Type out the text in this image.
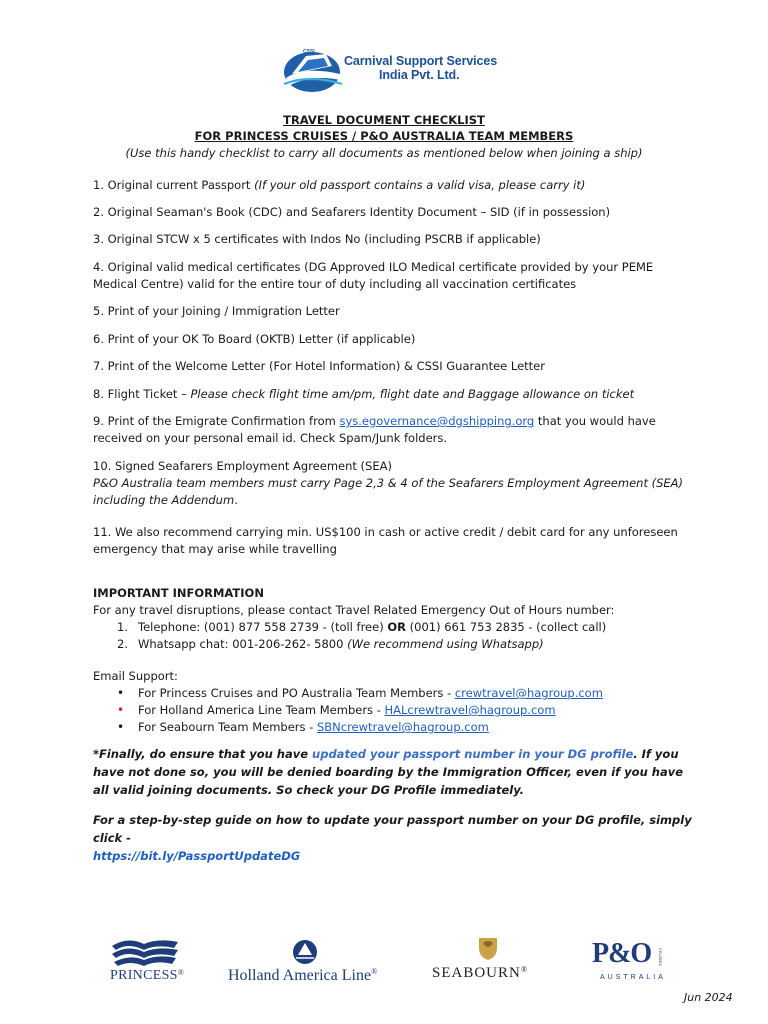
CSSI
Carnival Support Services
India Pvt. Ltd.
TRAVEL DOCUMENT CHECKLIST
FOR PRINCESS CRUISES / P&O AUSTRALIA TEAM MEMBERS
(Use this handy checklist to carry all documents as mentioned below when joining a ship)
1. Original current Passport (If your old passport contains a valid visa, please carry it)
2. Original Seaman's Book (CDC) and Seafarers Identity Document – SID (if in possession)
3. Original STCW x 5 certificates with Indos No (including PSCRB if applicable)
4. Original valid medical certificates (DG Approved ILO Medical certificate provided by your PEME Medical Centre) valid for the entire tour of duty including all vaccination certificates
5. Print of your Joining / Immigration Letter
6. Print of your OK To Board (OKTB) Letter (if applicable)
7. Print of the Welcome Letter (For Hotel Information) & CSSI Guarantee Letter
8. Flight Ticket – Please check flight time am/pm, flight date and Baggage allowance on ticket
9. Print of the Emigrate Confirmation from sys.egovernance@dgshipping.org that you would have received on your personal email id. Check Spam/Junk folders.
10. Signed Seafarers Employment Agreement (SEA)
P&O Australia team members must carry Page 2,3 & 4 of the Seafarers Employment Agreement (SEA) including the Addendum.
11. We also recommend carrying min. US$100 in cash or active credit / debit card for any unforeseen emergency that may arise while travelling
IMPORTANT INFORMATION
For any travel disruptions, please contact Travel Related Emergency Out of Hours number:
1. Telephone: (001) 877 558 2739 - (toll free) OR (001) 661 753 2835 - (collect call)
2. Whatsapp chat: 001-206-262- 5800 (We recommend using Whatsapp)
Email Support:
• For Princess Cruises and PO Australia Team Members - crewtravel@hagroup.com
• For Holland America Line Team Members - HALcrewtravel@hagroup.com
• For Seabourn Team Members - SBNcrewtravel@hagroup.com
*Finally, do ensure that you have updated your passport number in your DG profile. If you have not done so, you will be denied boarding by the Immigration Officer, even if you have all valid joining documents. So check your DG Profile immediately.
For a step-by-step guide on how to update your passport number on your DG profile, simply click -
https://bit.ly/PassportUpdateDG
PRINCESS®	Holland America Line®	SEABOURN®
P&O CRUISES
AUSTRALIA
Jun 2024
